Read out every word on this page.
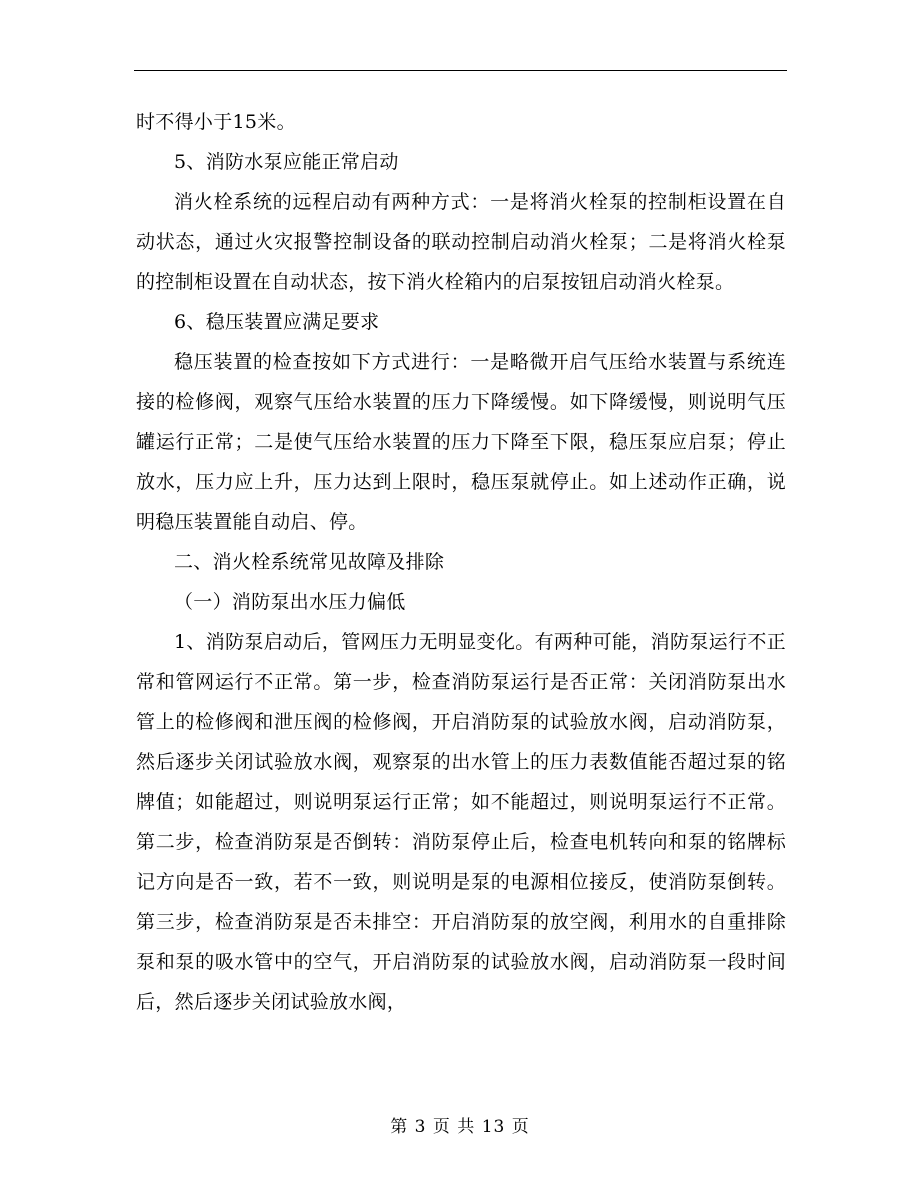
时不得小于15米。

5、消防水泵应能正常启动

消火栓系统的远程启动有两种方式：一是将消火栓泵的控制柜设置在自动状态，通过火灾报警控制设备的联动控制启动消火栓泵；二是将消火栓泵的控制柜设置在自动状态，按下消火栓箱内的启泵按钮启动消火栓泵。

6、稳压装置应满足要求

稳压装置的检查按如下方式进行：一是略微开启气压给水装置与系统连接的检修阀，观察气压给水装置的压力下降缓慢。如下降缓慢，则说明气压罐运行正常；二是使气压给水装置的压力下降至下限，稳压泵应启泵；停止放水，压力应上升，压力达到上限时，稳压泵就停止。如上述动作正确，说明稳压装置能自动启、停。

二、消火栓系统常见故障及排除

（一）消防泵出水压力偏低

1、消防泵启动后，管网压力无明显变化。有两种可能，消防泵运行不正常和管网运行不正常。第一步，检查消防泵运行是否正常：关闭消防泵出水管上的检修阀和泄压阀的检修阀，开启消防泵的试验放水阀，启动消防泵，然后逐步关闭试验放水阀，观察泵的出水管上的压力表数值能否超过泵的铭牌值；如能超过，则说明泵运行正常；如不能超过，则说明泵运行不正常。第二步，检查消防泵是否倒转：消防泵停止后，检查电机转向和泵的铭牌标记方向是否一致，若不一致，则说明是泵的电源相位接反，使消防泵倒转。第三步，检查消防泵是否未排空：开启消防泵的放空阀，利用水的自重排除泵和泵的吸水管中的空气，开启消防泵的试验放水阀，启动消防泵一段时间后，然后逐步关闭试验放水阀，

第 3 页 共 13 页
